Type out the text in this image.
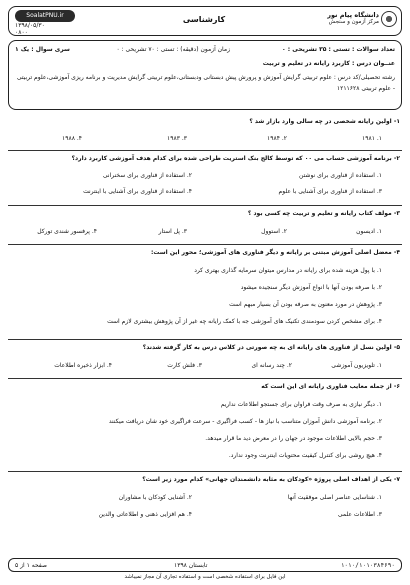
SoalatPNU.ir
۱۳۹۸/۰۵/۳۰
۰۸۰۰
کارشناسی	دانشگاه پیام نور
مرکز آزمون و سنجش
تعداد سوالات : تستی : ۳۵ تشریحی : ۰
زمان آزمون (دقیقه) : تستی : ۷۰ تشریحی : ۰
سری سوال : یک ۱
عنــوان درس : کاربرد رایانه در تعلیم و تربیت
رشته تحصیلی/کد درس : علوم تربیتی گرایش آموزش و پرورش پیش دبستانی ودبستانی،علوم تربیتی گرایش مدیریت و برنامه ریزی آموزشی،علوم تربیتی - علوم تربیتی ۱۲۱۱۶۲۸
۱- اولین رایانه شخصی در چه سالی وارد بازار شد ؟
۱. ۱۹۸۱
۲. ۱۹۸۴
۳. ۱۹۸۳
۴. ۱۹۸۸
۲- برنامه آموزشی حساب می ۰۰ که توسط کالج بنک استریت طراحی شده برای کدام هدف آموزشی کاربرد دارد؟
۱. استفاده از فناوری برای نوشتن
۲. استفاده از فناوری برای سخنرانی
۳. استفاده از فناوری برای آشنایی با علوم
۴. استفاده از فناوری برای آشنایی با اینترنت
۳- مولف کتاب رایانه و تعلیم و تربیت چه کسی بود ؟
۱. ادیسون
۲. استوول
۳. پل استار
۴. پرفسور شندی تورکل
۴- معضل اصلی آموزش مبتنی بر رایانه و دیگر فناوری های آموزشی؛ محور این است:
۱. با پول هزینه شده برای رایانه در مدارس میتوان سرمایه گذاری بهتری کرد
۲. با صرفه بودن آنها با انواع آموزش دیگر سنجیده میشود
۳. پژوهش در مورد معنون به صرفه بودن آن بسیار مبهم است
۴. برای مشخص کردن سودمندی تکنیک های آموزشی جه با کمک رایانه چه غیر از آن پژوهش بیشتری لازم است
۵- اولین نسل از فناوری های رایانه ای به چه صورتی در کلاس درس به کار گرفته شدند؟
۱. تلویزیون آموزشی
۲. چند رسانه ای
۳. فلش کارت
۴. ابزار ذخیره اطلاعات
۶- از جمله معایب فناوری رایانه ای این است که
۱. دیگر نیازی به صرف وقت فراوان برای جستجو اطلاعات نداریم
۲. برنامه آموزشی دانش آموزان متناسب با نیاز ها - کسب فراگیری - سرعت فراگیری خود شان دریافت میکنند
۳. حجم بالایی اطلاعات موجود در جهان را در معرض دید ما قرار میدهد.
۴. هیچ روشی برای کنترل کیفیت محتویات اینترنت وجود ندارد.
۷- یکی از اهداف اصلی پروژه «کودکان به مثابه دانشمندان جهانی» کدام مورد زیر است؟
۱. شناسایی عناصر اصلی موفقیت آنها
۲. آشنایی کودکان با مشاوران
۳. اطلاعات علمی
۴. هم افزایی ذهنی و اطلاعاتی والدین
صفحه ۱ از ۵	تابستان ۱۳۹۸	۱۰۱۰/۱۰۱۰۳۸۴۶۹۰
این فایل برای استفاده شخصی است و استفاده تجاری آن مجاز نمیباشد
